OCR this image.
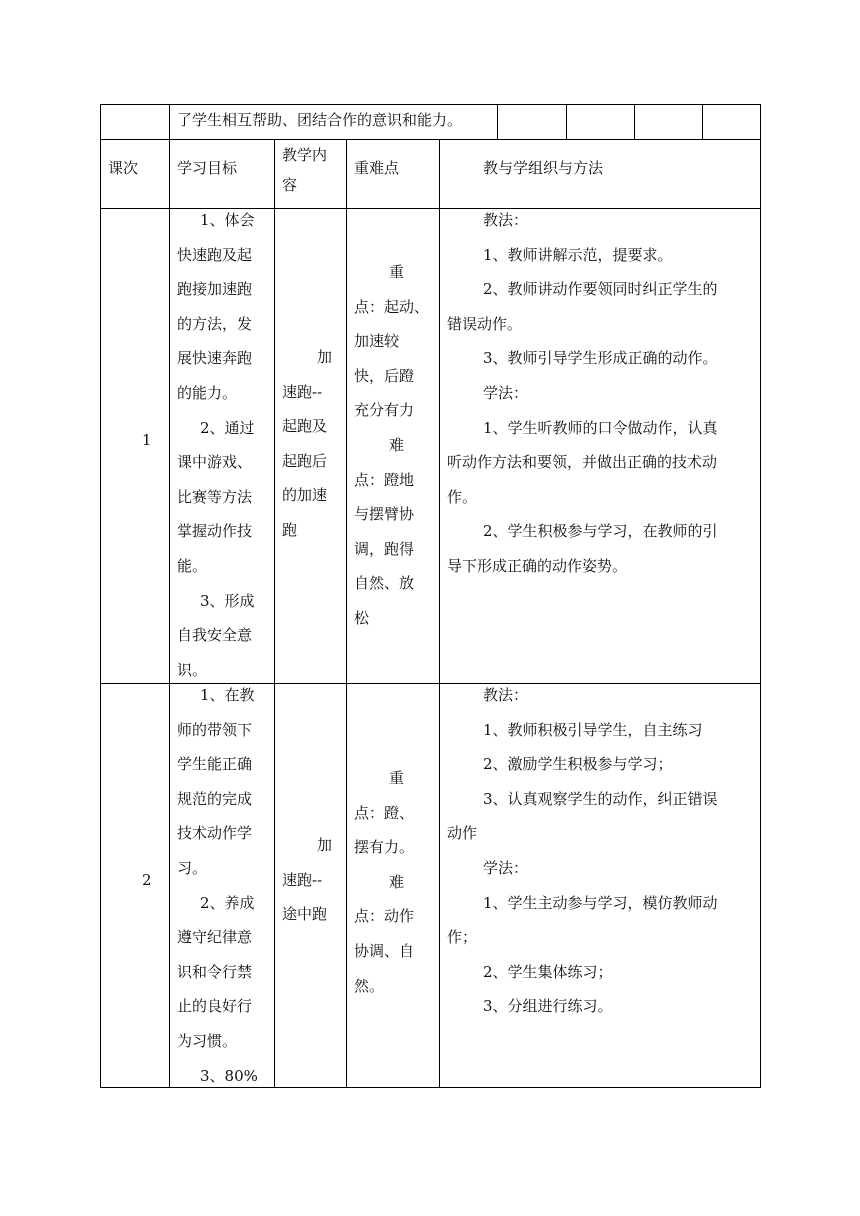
了学生相互帮助、团结合作的意识和能力。
课次	学习目标
教学内
容
重难点	教与学组织与方法
1

1、体会

快速跑及起

跑接加速跑

的方法，发

展快速奔跑

的能力。

2、通过

课中游戏、

比赛等方法

掌握动作技

能。

3、形成

自我安全意

识。

加

速跑--

起跑及

起跑后

的加速

跑

重

点：起动、

加速较

快，后蹬

充分有力

难

点：蹬地

与摆臂协

调，跑得

自然、放

松

教法：

1、教师讲解示范，提要求。

2、教师讲动作要领同时纠正学生的

错误动作。

3、教师引导学生形成正确的动作。

学法：

1、学生听教师的口令做动作，认真

听动作方法和要领，并做出正确的技术动

作。

2、学生积极参与学习，在教师的引

导下形成正确的动作姿势。

2

1、在教

师的带领下

学生能正确

规范的完成

技术动作学

习。

2、养成

遵守纪律意

识和令行禁

止的良好行

为习惯。

3、80%

加

速跑--

途中跑

重

点：蹬、

摆有力。

难

点：动作

协调、自

然。

教法：

1、教师积极引导学生，自主练习

2、激励学生积极参与学习；

3、认真观察学生的动作，纠正错误

动作

学法：

1、学生主动参与学习，模仿教师动

作；

2、学生集体练习；

3、分组进行练习。
